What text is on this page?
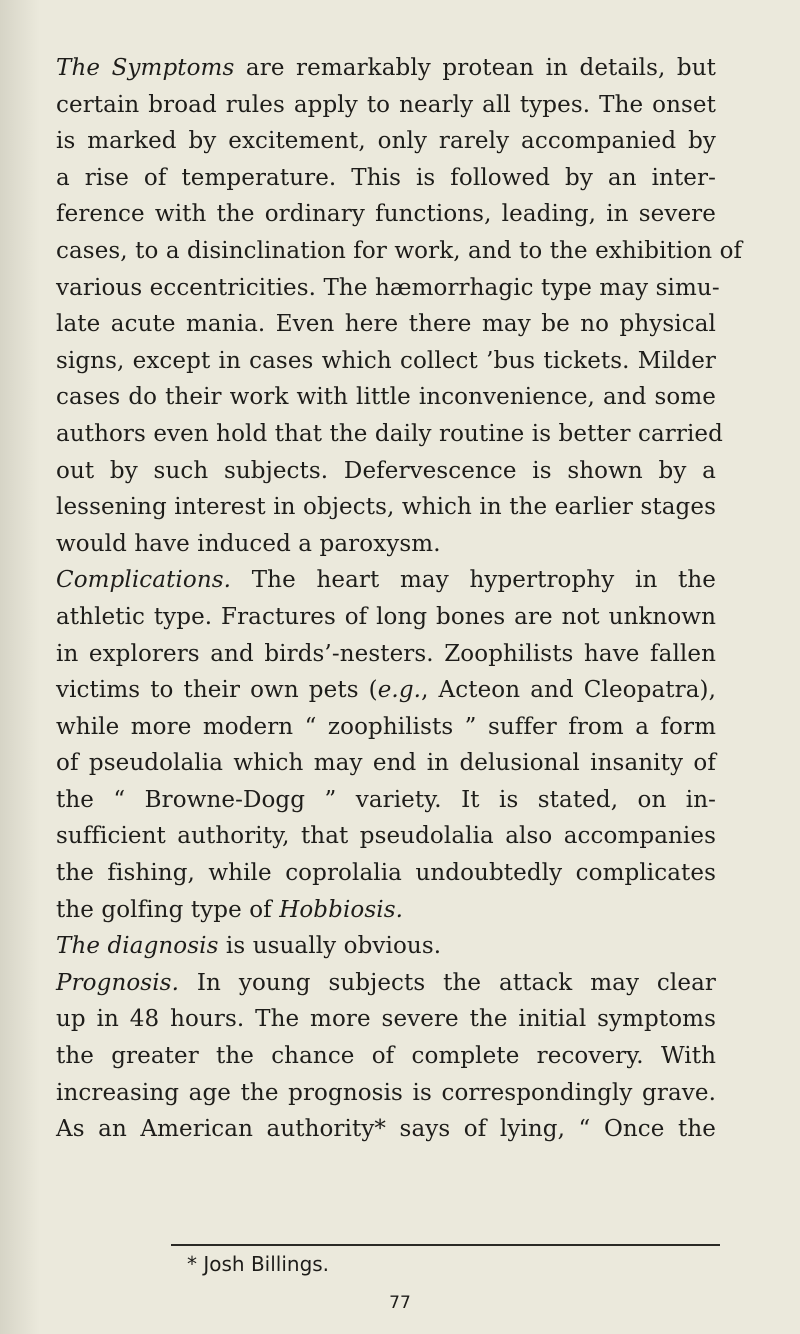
The Symptoms are remarkably protean in details, but
certain broad rules apply to nearly all types. The onset
is marked by excitement, only rarely accompanied by
a rise of temperature. This is followed by an inter-
ference with the ordinary functions, leading, in severe
cases, to a disinclination for work, and to the exhibition of
various eccentricities. The hæmorrhagic type may simu-
late acute mania. Even here there may be no physical
signs, except in cases which collect ’bus tickets. Milder
cases do their work with little inconvenience, and some
authors even hold that the daily routine is better carried
out by such subjects. Defervescence is shown by a
lessening interest in objects, which in the earlier stages
would have induced a paroxysm.
Complications. The heart may hypertrophy in the
athletic type. Fractures of long bones are not unknown
in explorers and birds’-nesters. Zoophilists have fallen
victims to their own pets (e.g., Acteon and Cleopatra),
while more modern “ zoophilists ” suffer from a form
of pseudolalia which may end in delusional insanity of
the “ Browne-Dogg ” variety. It is stated, on in-
sufficient authority, that pseudolalia also accompanies
the fishing, while coprolalia undoubtedly complicates
the golfing type of Hobbiosis.
The diagnosis is usually obvious.
Prognosis. In young subjects the attack may clear
up in 48 hours. The more severe the initial symptoms
the greater the chance of complete recovery. With
increasing age the prognosis is correspondingly grave.
As an American authority* says of lying, “ Once the
* Josh Billings.
77
